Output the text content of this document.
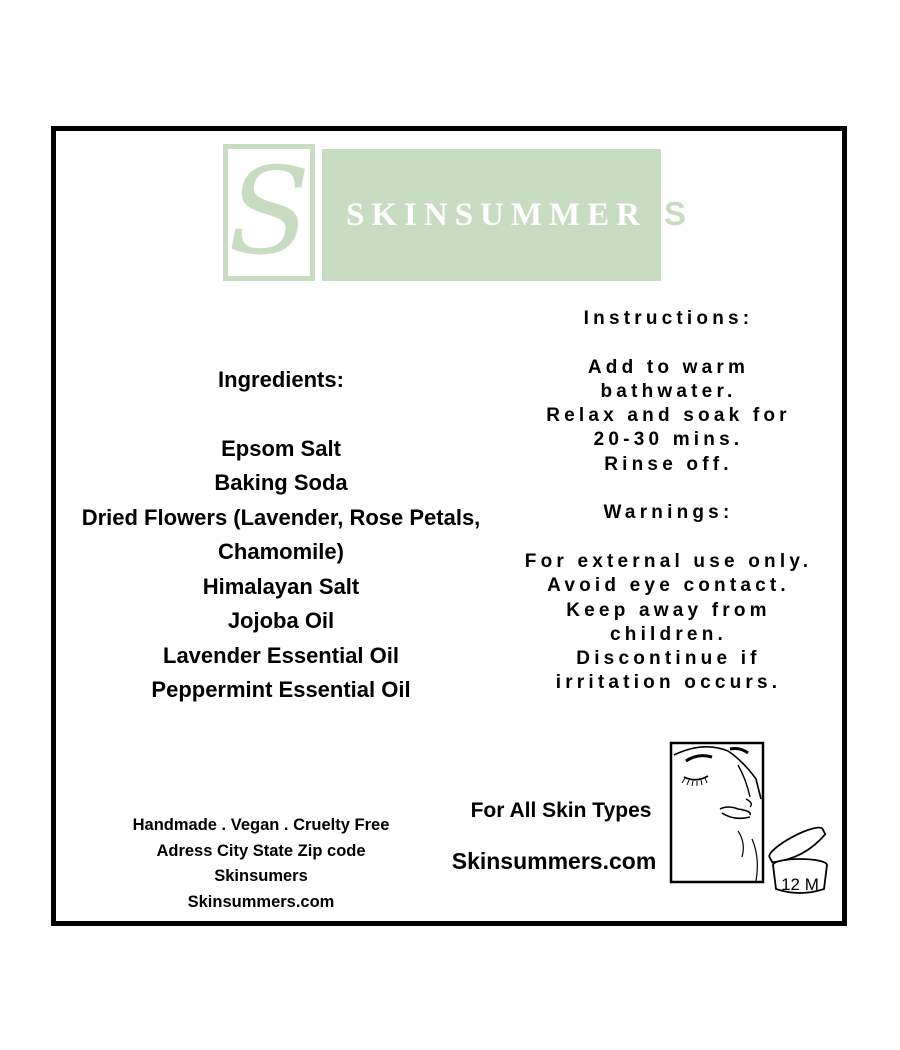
S SKINSUMMER S
Ingredients:
Epsom Salt
Baking Soda
Dried Flowers (Lavender, Rose Petals,
Chamomile)
Himalayan Salt
Jojoba Oil
Lavender Essential Oil
Peppermint Essential Oil
Instructions:
Add to warm
bathwater.
Relax and soak for
20-30 mins.
Rinse off.
Warnings:
For external use only.
Avoid eye contact.
Keep away from
children.
Discontinue if
irritation occurs.
Handmade . Vegan . Cruelty Free
Adress City State Zip code
Skinsumers
Skinsummers.com
For All Skin Types
Skinsummers.com
12 M
